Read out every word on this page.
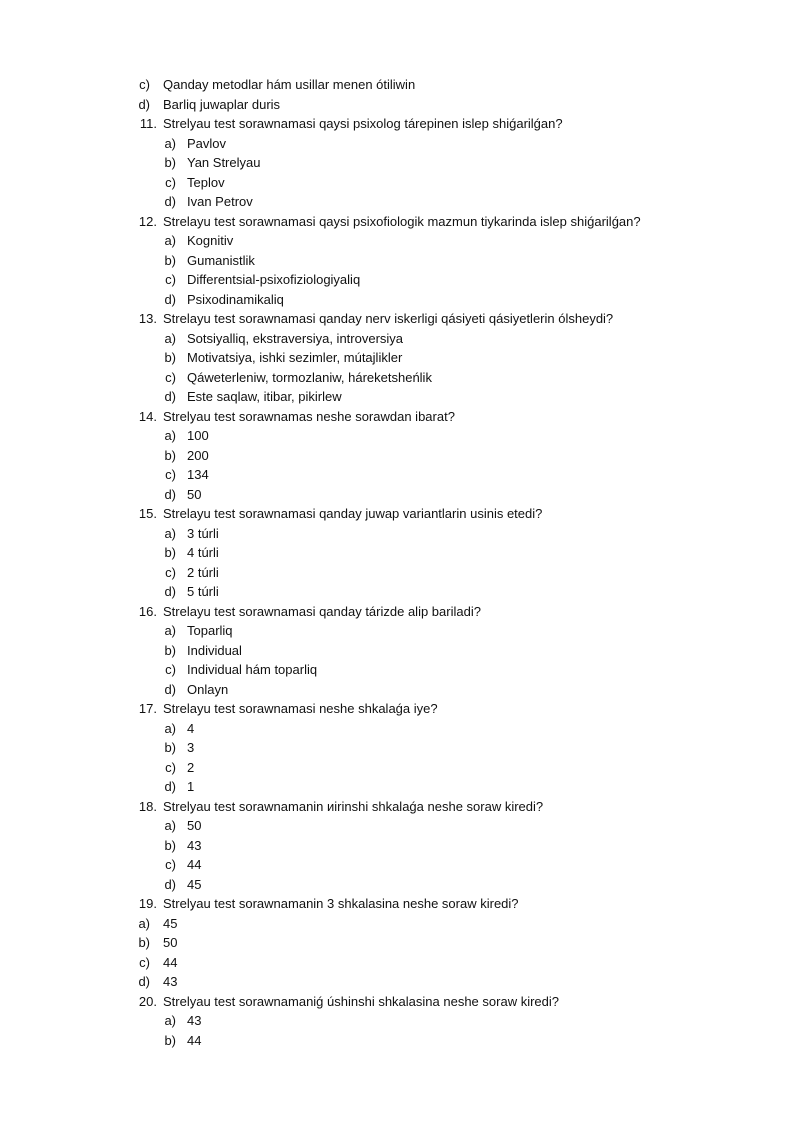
c) Qanday metodlar hám usillar menen ótiliwin
d) Barliq juwaplar duris
11. Strelyau test sorawnamasi qaysi psixolog tárepinen islep shiǵarilǵan?
a) Pavlov
b) Yan Strelyau
c) Teplov
d) Ivan Petrov
12. Strelayu test sorawnamasi qaysi psixofiologik mazmun tiykarinda islep shiǵarilǵan?
a) Kognitiv
b) Gumanistlik
c) Differentsial-psixofiziologiyaliq
d) Psixodinamikaliq
13. Strelayu test sorawnamasi qanday nerv iskerligi qásiyeti qásiyetlerin ólsheydi?
a) Sotsiyalliq, ekstraversiya, introversiya
b) Motivatsiya, ishki sezimler, mútajlikler
c) Qáweterleniw, tormozlaniw, háreketsheńlik
d) Este saqlaw, itibar, pikirlew
14. Strelyau test sorawnamas neshe sorawdan ibarat?
a) 100
b) 200
c) 134
d) 50
15. Strelayu test sorawnamasi qanday juwap variantlarin usinis etedi?
a) 3 túrli
b) 4 túrli
c) 2 túrli
d) 5 túrli
16. Strelayu test sorawnamasi qanday tárizde alip bariladi?
a) Toparliq
b) Individual
c) Individual hám toparliq
d) Onlayn
17. Strelayu test sorawnamasi neshe shkalaǵa iye?
a) 4
b) 3
c) 2
d) 1
18. Strelyau test sorawnamanin иirinshi shkalaǵa neshe soraw kiredi?
a) 50
b) 43
c) 44
d) 45
19. Strelyau test sorawnamanin 3 shkalasina neshe soraw kiredi?
a) 45
b) 50
c) 44
d) 43
20. Strelyau test sorawnamaniǵ úshinshi shkalasina neshe soraw kiredi?
a) 43
b) 44
